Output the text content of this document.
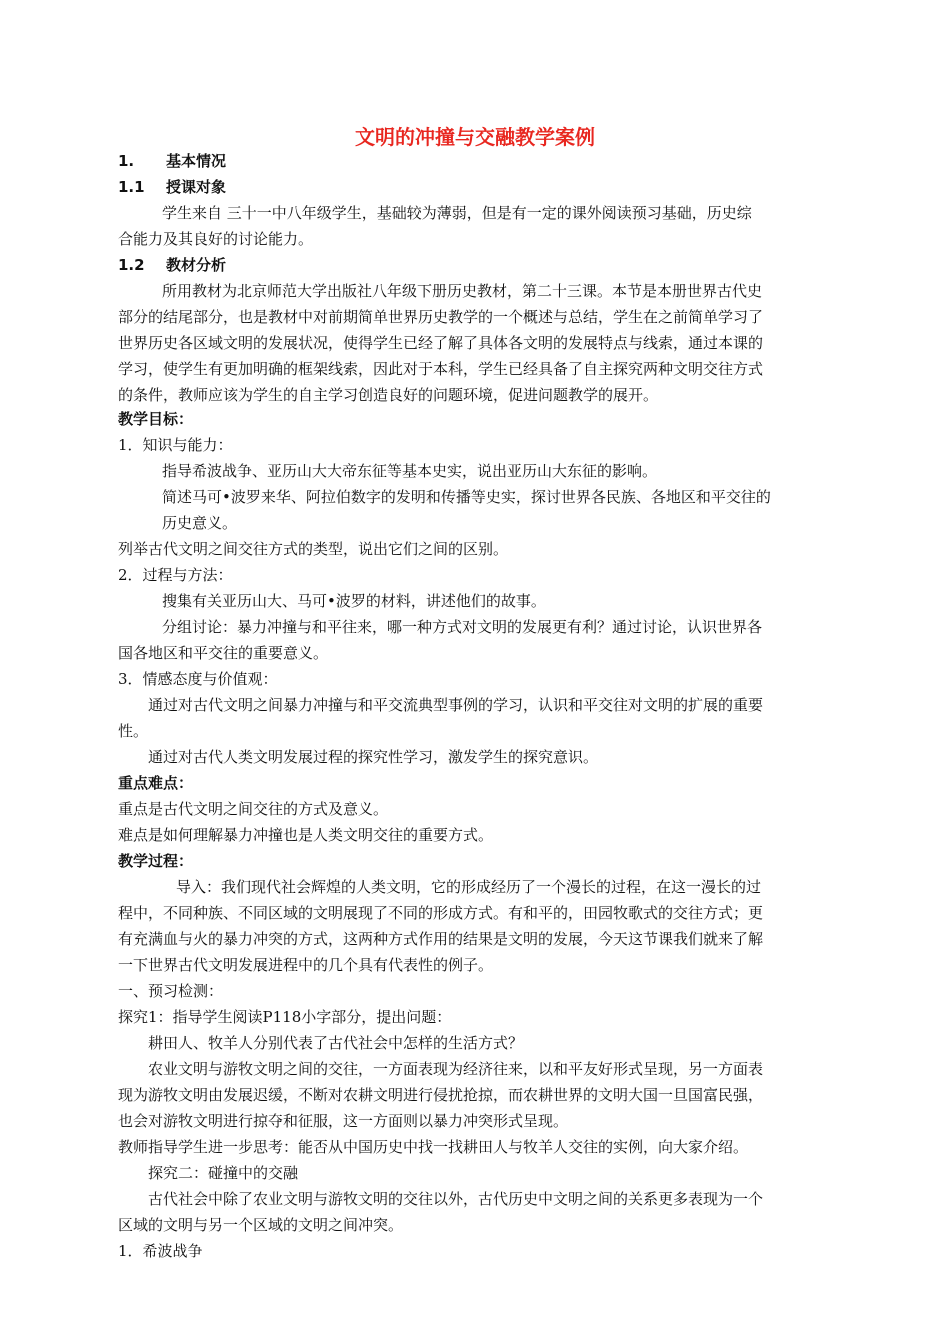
文明的冲撞与交融教学案例
1. 基本情况
1.1 授课对象
学生来自 三十一中八年级学生，基础较为薄弱，但是有一定的课外阅读预习基础，历史综
合能力及其良好的讨论能力。
1.2 教材分析
所用教材为北京师范大学出版社八年级下册历史教材，第二十三课。本节是本册世界古代史
部分的结尾部分，也是教材中对前期简单世界历史教学的一个概述与总结，学生在之前简单学习了
世界历史各区域文明的发展状况，使得学生已经了解了具体各文明的发展特点与线索，通过本课的
学习，使学生有更加明确的框架线索，因此对于本科，学生已经具备了自主探究两种文明交往方式
的条件，教师应该为学生的自主学习创造良好的问题环境，促进问题教学的展开。
教学目标：
1．知识与能力：
指导希波战争、亚历山大大帝东征等基本史实，说出亚历山大东征的影响。
简述马可•波罗来华、阿拉伯数字的发明和传播等史实，探讨世界各民族、各地区和平交往的
历史意义。
列举古代文明之间交往方式的类型，说出它们之间的区别。
2．过程与方法：
搜集有关亚历山大、马可•波罗的材料，讲述他们的故事。
分组讨论：暴力冲撞与和平往来，哪一种方式对文明的发展更有利？通过讨论，认识世界各
国各地区和平交往的重要意义。
3．情感态度与价值观：
通过对古代文明之间暴力冲撞与和平交流典型事例的学习，认识和平交往对文明的扩展的重要
性。
通过对古代人类文明发展过程的探究性学习，激发学生的探究意识。
重点难点：
重点是古代文明之间交往的方式及意义。
难点是如何理解暴力冲撞也是人类文明交往的重要方式。
教学过程：
导入：我们现代社会辉煌的人类文明，它的形成经历了一个漫长的过程，在这一漫长的过
程中，不同种族、不同区域的文明展现了不同的形成方式。有和平的，田园牧歌式的交往方式；更
有充满血与火的暴力冲突的方式，这两种方式作用的结果是文明的发展，今天这节课我们就来了解
一下世界古代文明发展进程中的几个具有代表性的例子。
一、预习检测：
探究1：指导学生阅读P118小字部分，提出问题：
耕田人、牧羊人分别代表了古代社会中怎样的生活方式？
农业文明与游牧文明之间的交往，一方面表现为经济往来，以和平友好形式呈现，另一方面表
现为游牧文明由发展迟缓，不断对农耕文明进行侵扰抢掠，而农耕世界的文明大国一旦国富民强，
也会对游牧文明进行掠夺和征服，这一方面则以暴力冲突形式呈现。
教师指导学生进一步思考：能否从中国历史中找一找耕田人与牧羊人交往的实例，向大家介绍。
探究二：碰撞中的交融
古代社会中除了农业文明与游牧文明的交往以外，古代历史中文明之间的关系更多表现为一个
区域的文明与另一个区域的文明之间冲突。
1．希波战争
